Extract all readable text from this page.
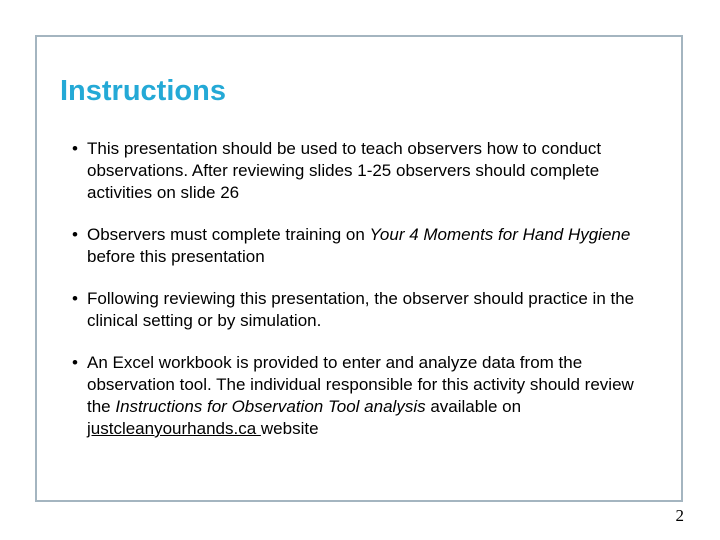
Instructions
• This presentation should be used to teach observers how to conduct observations. After reviewing slides 1-25 observers should complete activities on slide 26
• Observers must complete training on Your 4 Moments for Hand Hygiene before this presentation
• Following reviewing this presentation, the observer should practice in the clinical setting or by simulation.
• An Excel workbook is provided to enter and analyze data from the observation tool. The individual responsible for this activity should review the Instructions for Observation Tool analysis available on justcleanyourhands.ca website
2
